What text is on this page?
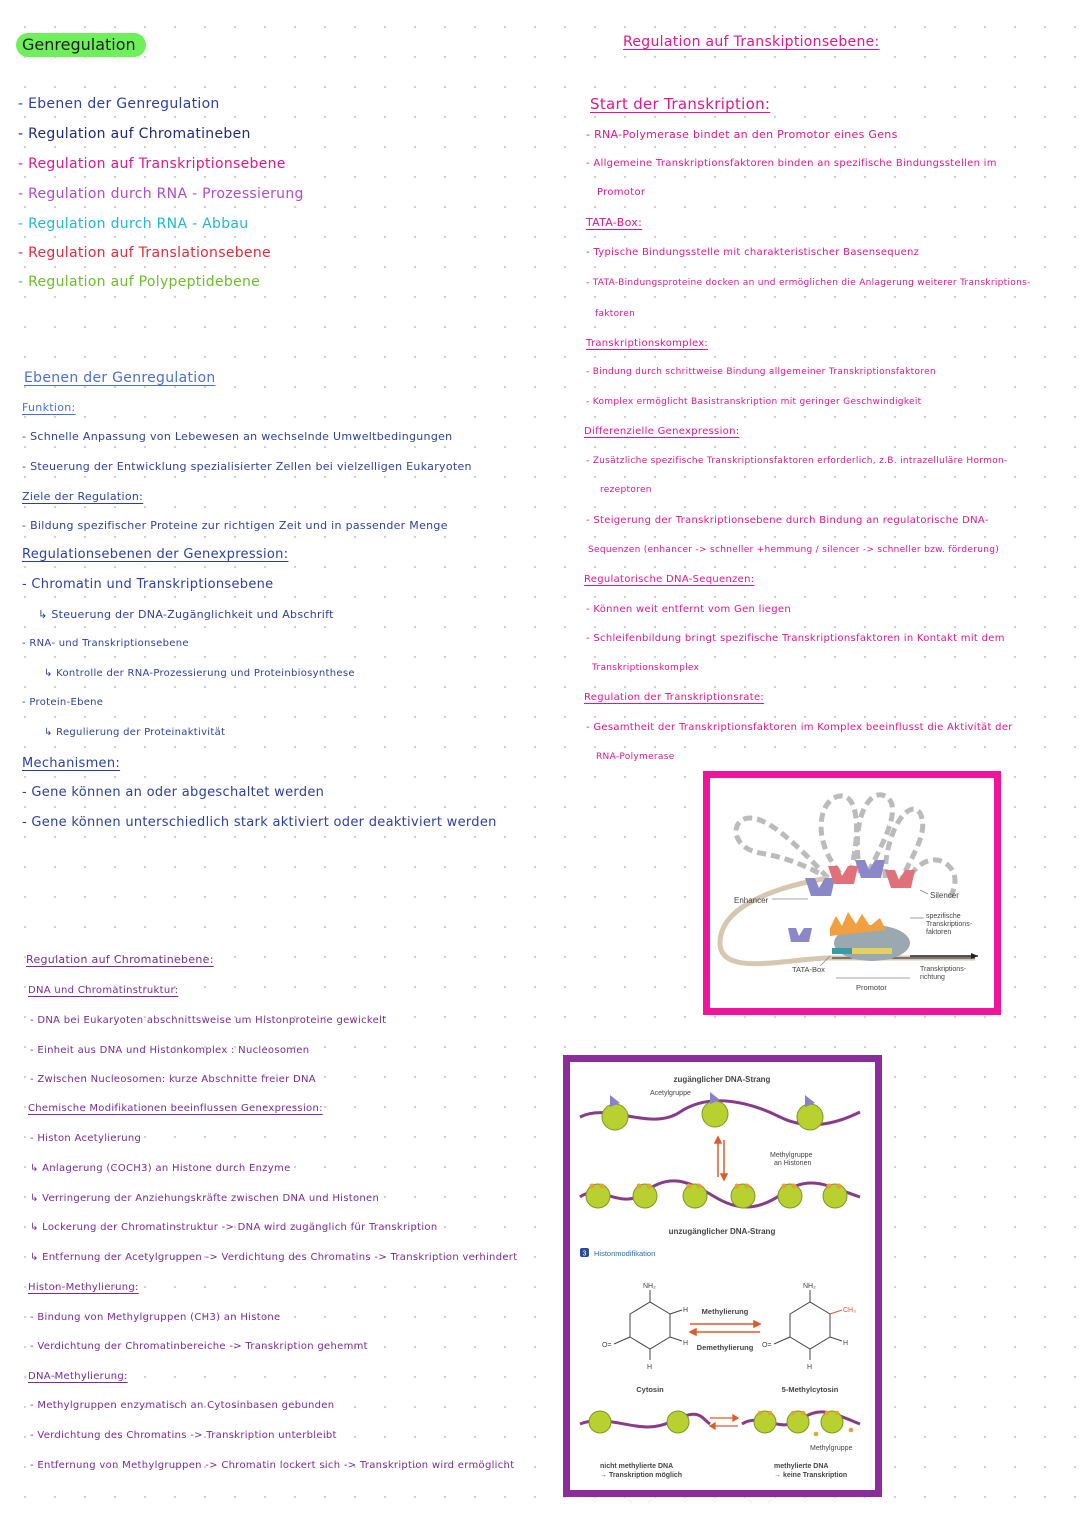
Genregulation
- Ebenen der Genregulation
- Regulation auf Chromatineben
- Regulation auf Transkriptionsebene
- Regulation durch RNA - Prozessierung
- Regulation durch RNA - Abbau
- Regulation auf Translationsebene
- Regulation auf Polypeptidebene
Ebenen der Genregulation
Funktion:
- Schnelle Anpassung von Lebewesen an wechselnde Umweltbedingungen
- Steuerung der Entwicklung spezialisierter Zellen bei vielzelligen Eukaryoten
Ziele der Regulation:
- Bildung spezifischer Proteine zur richtigen Zeit und in passender Menge
Regulationsebenen der Genexpression:
- Chromatin und Transkriptionsebene
↳ Steuerung der DNA-Zugänglichkeit und Abschrift
- RNA- und Transkriptionsebene
↳ Kontrolle der RNA-Prozessierung und Proteinbiosynthese
- Protein-Ebene
↳ Regulierung der Proteinaktivität
Mechanismen:
- Gene können an oder abgeschaltet werden
- Gene können unterschiedlich stark aktiviert oder deaktiviert werden
Regulation auf Chromatinebene:
DNA und Chromatinstruktur:
- DNA bei Eukaryoten abschnittsweise um Histonproteine gewickelt
- Einheit aus DNA und Histonkomplex : Nucleosomen
- Zwischen Nucleosomen: kurze Abschnitte freier DNA
Chemische Modifikationen beeinflussen Genexpression:
- Histon Acetylierung
↳ Anlagerung (COCH3) an Histone durch Enzyme
↳ Verringerung der Anziehungskräfte zwischen DNA und Histonen
↳ Lockerung der Chromatinstruktur -> DNA wird zugänglich für Transkription
↳ Entfernung der Acetylgruppen -> Verdichtung des Chromatins -> Transkription verhindert
Histon-Methylierung:
- Bindung von Methylgruppen (CH3) an Histone
- Verdichtung der Chromatinbereiche -> Transkription gehemmt
DNA-Methylierung:
- Methylgruppen enzymatisch an Cytosinbasen gebunden
- Verdichtung des Chromatins -> Transkription unterbleibt
- Entfernung von Methylgruppen -> Chromatin lockert sich -> Transkription wird ermöglicht
Regulation auf Transkiptionsebene:
Start der Transkription:
- RNA-Polymerase bindet an den Promotor eines Gens
- Allgemeine Transkriptionsfaktoren binden an spezifische Bindungsstellen im
Promotor
TATA-Box:
- Typische Bindungsstelle mit charakteristischer Basensequenz
- TATA-Bindungsproteine docken an und ermöglichen die Anlagerung weiterer Transkriptions-
faktoren
Transkriptionskomplex:
- Bindung durch schrittweise Bindung allgemeiner Transkriptionsfaktoren
- Komplex ermöglicht Basistranskription mit geringer Geschwindigkeit
Differenzielle Genexpression:
- Zusätzliche spezifische Transkriptionsfaktoren erforderlich, z.B. intrazelluläre Hormon-
rezeptoren
- Steigerung der Transkriptionsebene durch Bindung an regulatorische DNA-
Sequenzen (enhancer -> schneller +hemmung / silencer -> schneller bzw. förderung)
Regulatorische DNA-Sequenzen:
- Können weit entfernt vom Gen liegen
- Schleifenbildung bringt spezifische Transkriptionsfaktoren in Kontakt mit dem
Transkriptionskomplex
Regulation der Transkriptionsrate:
- Gesamtheit der Transkriptionsfaktoren im Komplex beeinflusst die Aktivität der
RNA-Polymerase
Enhancer
Silencer
spezifische
Transkriptions-
faktoren
TATA-Box
Promotor
Transkriptions-
richtung
zugänglicher DNA-Strang
Acetylgruppe
Methylgruppe
an Histonen
unzugänglicher DNA-Strang
3 Histonmodifikation
NH₂
O=
H
H
H
Cytosin
Methylierung
Demethylierung
NH₂
O=
CH₃
H
H
5-Methylcytosin
Methylgruppe
nicht methylierte DNA
→ Transkription möglich
methylierte DNA
→ keine Transkription
